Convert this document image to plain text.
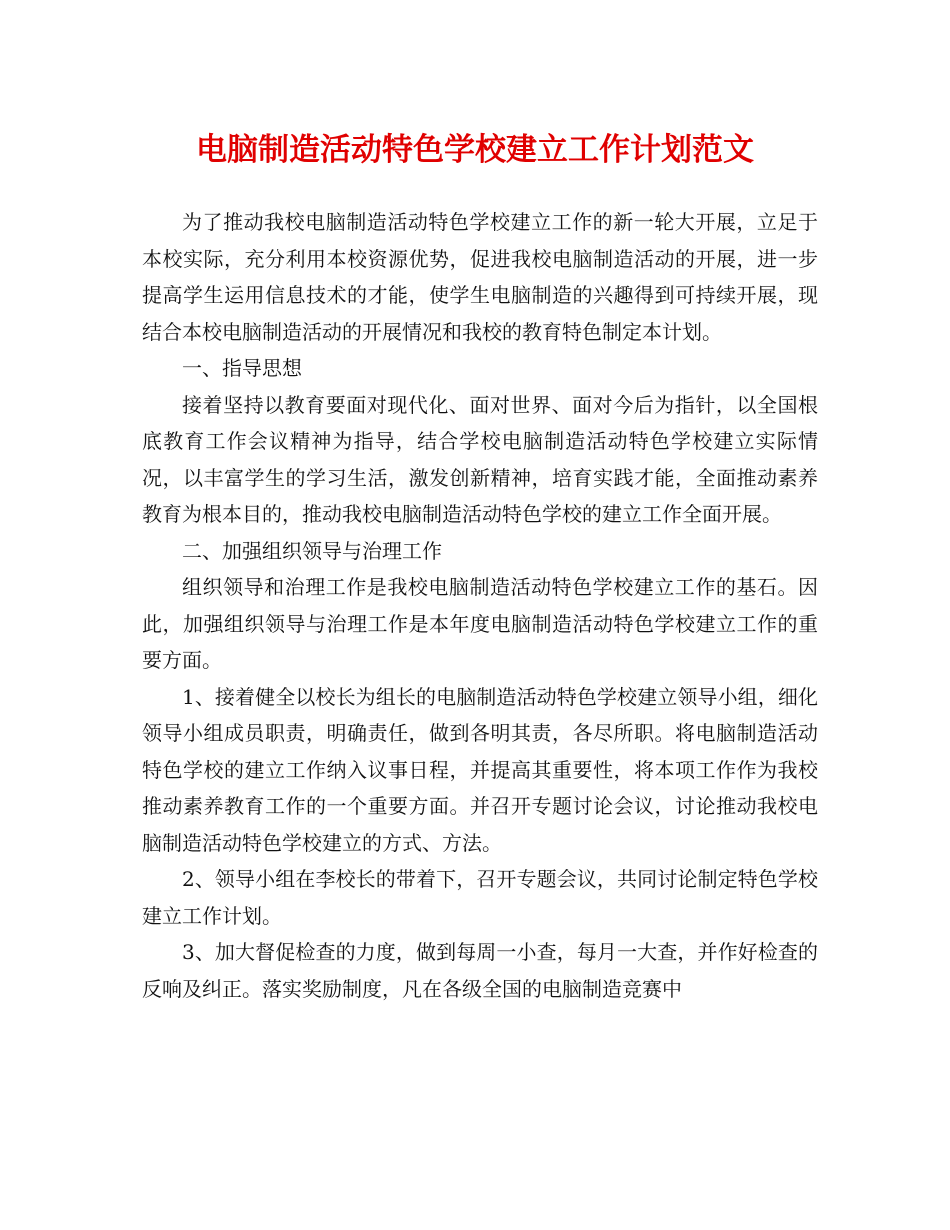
电脑制造活动特色学校建立工作计划范文

为了推动我校电脑制造活动特色学校建立工作的新一轮大开展，立足于本校实际，充分利用本校资源优势，促进我校电脑制造活动的开展，进一步提高学生运用信息技术的才能，使学生电脑制造的兴趣得到可持续开展，现结合本校电脑制造活动的开展情况和我校的教育特色制定本计划。

一、指导思想

接着坚持以教育要面对现代化、面对世界、面对今后为指针，以全国根底教育工作会议精神为指导，结合学校电脑制造活动特色学校建立实际情况，以丰富学生的学习生活，激发创新精神，培育实践才能，全面推动素养教育为根本目的，推动我校电脑制造活动特色学校的建立工作全面开展。

二、加强组织领导与治理工作

组织领导和治理工作是我校电脑制造活动特色学校建立工作的基石。因此，加强组织领导与治理工作是本年度电脑制造活动特色学校建立工作的重要方面。

1、接着健全以校长为组长的电脑制造活动特色学校建立领导小组，细化领导小组成员职责，明确责任，做到各明其责，各尽所职。将电脑制造活动特色学校的建立工作纳入议事日程，并提高其重要性，将本项工作作为我校推动素养教育工作的一个重要方面。并召开专题讨论会议，讨论推动我校电脑制造活动特色学校建立的方式、方法。

2、领导小组在李校长的带着下，召开专题会议，共同讨论制定特色学校建立工作计划。

3、加大督促检查的力度，做到每周一小查，每月一大查，并作好检查的反响及纠正。落实奖励制度，凡在各级全国的电脑制造竞赛中
